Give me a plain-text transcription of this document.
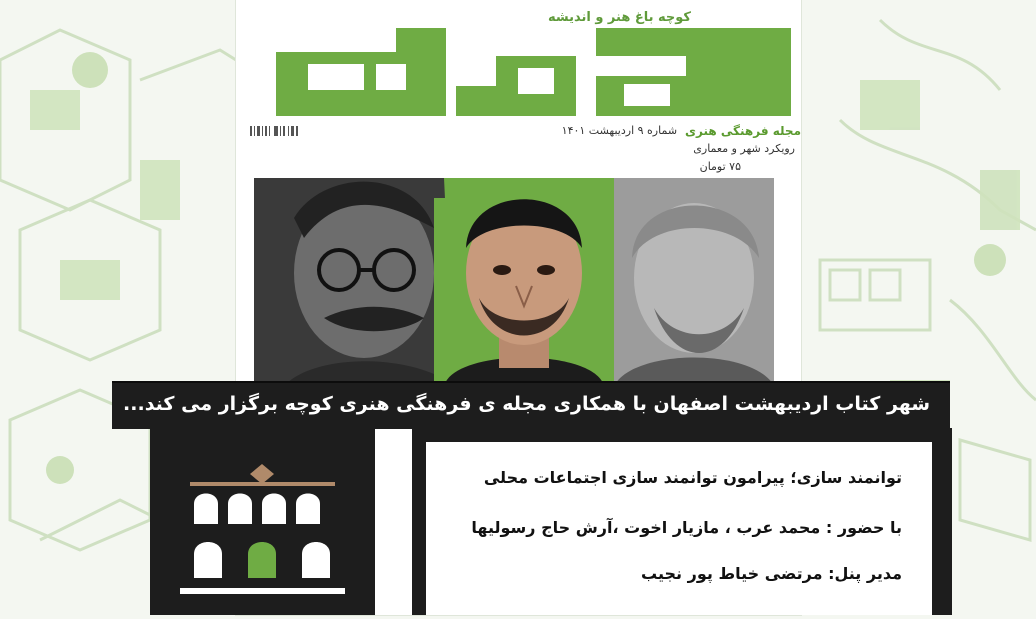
کوچه باغ هنر و اندیشه
مجله فرهنگی هنری
شماره ۹ اردیبهشت ۱۴۰۱
رویکرد شهر و معماری
۷۵ تومان
شهر کتاب اردیبهشت اصفهان با همکاری مجله ی فرهنگی هنری کوچه برگزار می کند...
توانمند سازی؛ پیرامون توانمند سازی اجتماعات محلی
با حضور : محمد عرب ، مازیار اخوت ،آرش حاج رسولیها
مدیر پنل: مرتضی خیاط پور نجیب
